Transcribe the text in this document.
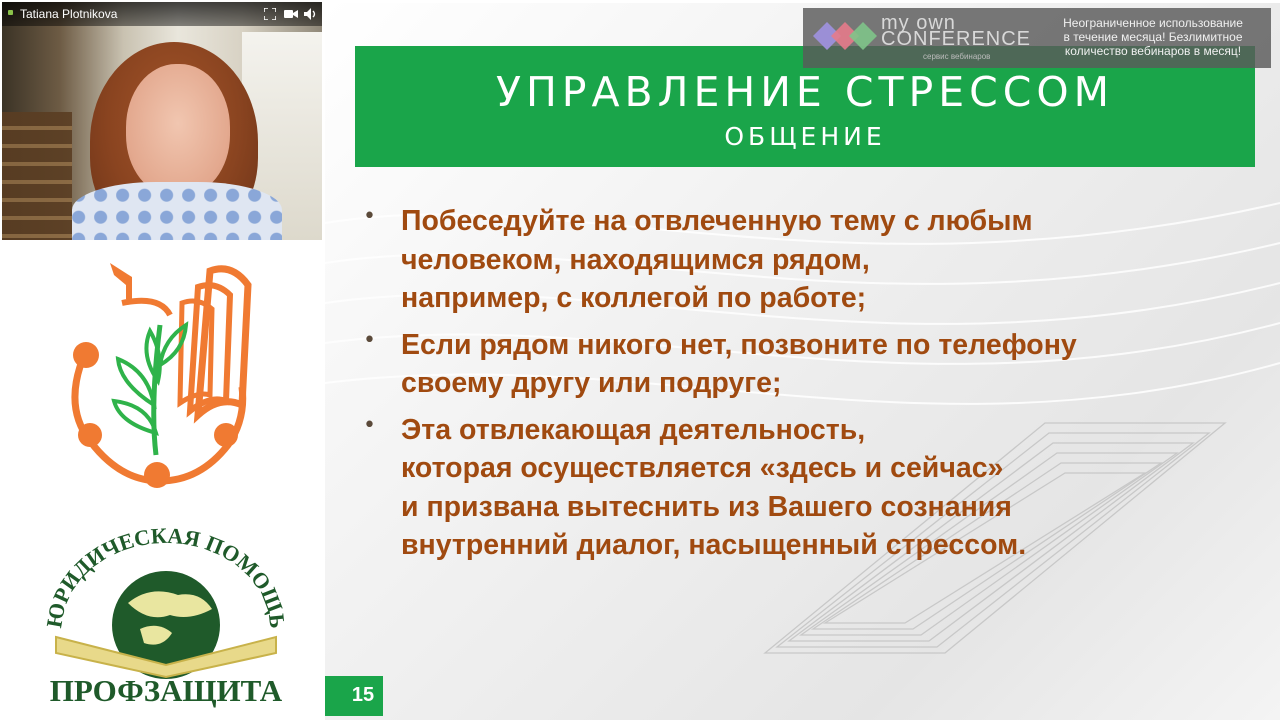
Tatiana Plotnikova
ЮРИДИЧЕСКАЯ ПОМОЩЬ
ПРОФЗАЩИТА
УПРАВЛЕНИЕ СТРЕССОМ
ОБЩЕНИЕ
• Побеседуйте на отвлеченную тему с любым
человеком, находящимся рядом,
например, с коллегой по работе;
• Если рядом никого нет, позвоните по телефону
своему другу или подруге;
• Эта отвлекающая деятельность,
которая осуществляется «здесь и сейчас»
и призвана вытеснить из Вашего сознания
внутренний диалог, насыщенный стрессом.
15
my own
CONFERENCE
сервис вебинаров
Неограниченное использование
в течение месяца! Безлимитное
количество вебинаров в месяц!
